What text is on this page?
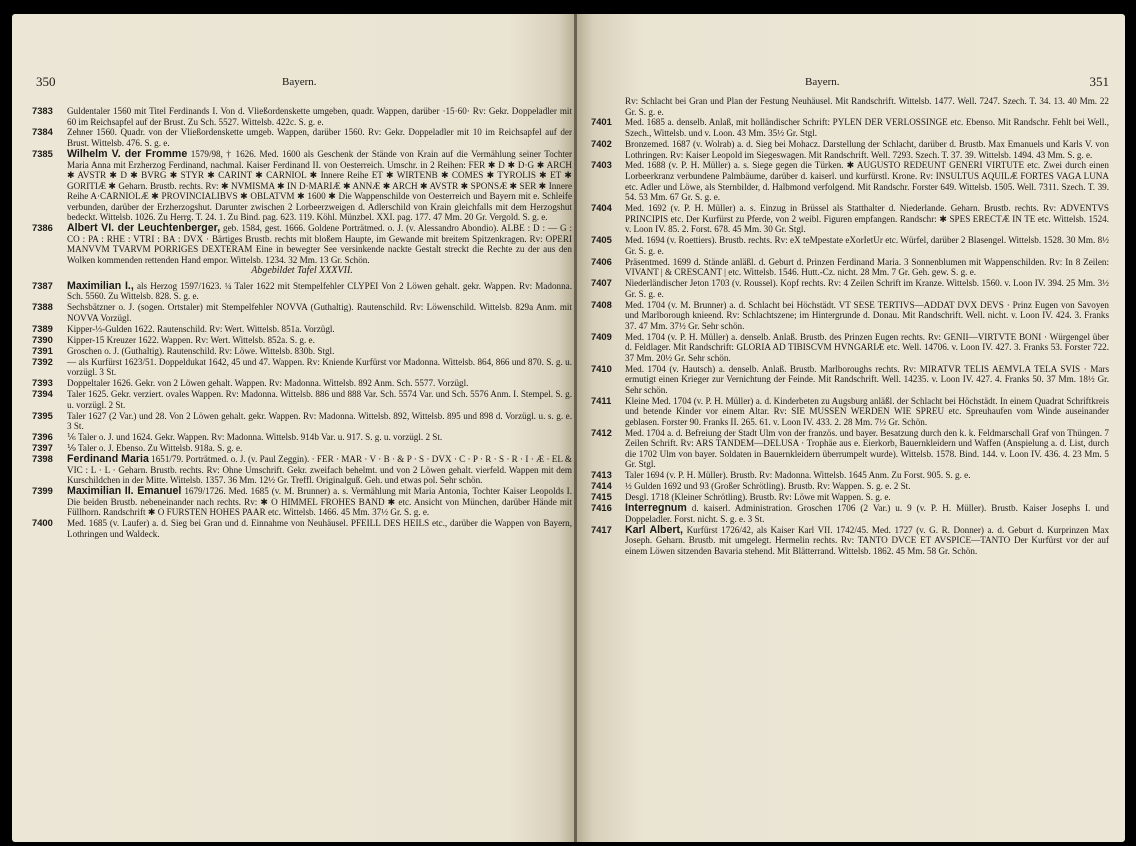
350	Bayern.
7383	Guldentaler 1560 mit Titel Ferdinands I. Von d. Vließordenskette umgeben, quadr. Wappen, darüber ·15·60· Rv: Gekr. Doppeladler mit 60 im Reichsapfel auf der Brust. Zu Sch. 5527. Wittelsb. 422c. S. g. e.
7384	Zehner 1560. Quadr. von der Vließordenskette umgeb. Wappen, darüber 1560. Rv: Gekr. Doppeladler mit 10 im Reichsapfel auf der Brust. Wittelsb. 476. S. g. e.
7385	Wilhelm V. der Fromme 1579/98, † 1626. Med. 1600 als Geschenk der Stände von Krain auf die Vermählung seiner Tochter Maria Anna mit Erzherzog Ferdinand, nachmal. Kaiser Ferdinand II. von Oesterreich. Umschr. in 2 Reihen: FER ✱ D ✱ D·G ✱ ARCH ✱ AVSTR ✱ D ✱ BVRG ✱ STYR ✱ CARINT ✱ CARNIOL ✱ Innere Reihe ET ✱ WIRTENB ✱ COMES ✱ TYROLIS ✱ ET ✱ GORITIÆ ✱ Geharn. Brustb. rechts. Rv: ✱ NVMISMA ✱ IN D·MARIÆ ✱ ANNÆ ✱ ARCH ✱ AVSTR ✱ SPONSÆ ✱ SER ✱ Innere Reihe A·CARNIOLÆ ✱ PROVINCIALIBVS ✱ OBLATVM ✱ 1600 ✱ Die Wappenschilde von Oesterreich und Bayern mit e. Schleife verbunden, darüber der Erzherzogshut. Darunter zwischen 2 Lorbeerzweigen d. Adlerschild von Krain gleichfalls mit dem Herzogshut bedeckt. Wittelsb. 1026. Zu Herrg. T. 24. 1. Zu Bind. pag. 623. 119. Köhl. Münzbel. XXI. pag. 177. 47 Mm. 20 Gr. Vergold. S. g. e.
7386	Albert VI. der Leuchtenberger, geb. 1584, gest. 1666. Goldene Porträtmed. o. J. (v. Alessandro Abondio). ALBE : D : — G : CO : PA : RHE : VTRI : BA : DVX · Bärtiges Brustb. rechts mit bloßem Haupte, im Gewande mit breitem Spitzenkragen. Rv: OPERI MANVVM TVARVM PORRIGES DEXTERAM Eine in bewegter See versinkende nackte Gestalt streckt die Rechte zu der aus den Wolken kommenden rettenden Hand empor. Wittelsb. 1234. 32 Mm. 13 Gr. Schön.
Abgebildet Tafel XXXVII.
7387	Maximilian I., als Herzog 1597/1623. ¼ Taler 1622 mit Stempelfehler CLYPEI Von 2 Löwen gehalt. gekr. Wappen. Rv: Madonna. Sch. 5560. Zu Wittelsb. 828. S. g. e.
7388	Sechsbätzner o. J. (sogen. Ortstaler) mit Stempelfehler NOVVA (Guthaltig). Rautenschild. Rv: Löwenschild. Wittelsb. 829a Anm. mit NOVVA Vorzügl.
7389	Kipper-⅓-Gulden 1622. Rautenschild. Rv: Wert. Wittelsb. 851a. Vorzügl.
7390	Kipper-15 Kreuzer 1622. Wappen. Rv: Wert. Wittelsb. 852a. S. g. e.
7391	Groschen o. J. (Guthaltig). Rautenschild. Rv: Löwe. Wittelsb. 830b. Stgl.
7392	— als Kurfürst 1623/51. Doppeldukat 1642, 45 und 47. Wappen. Rv: Kniende Kurfürst vor Madonna. Wittelsb. 864, 866 und 870. S. g. u. vorzügl. 3 St.
7393	Doppeltaler 1626. Gekr. von 2 Löwen gehalt. Wappen. Rv: Madonna. Wittelsb. 892 Anm. Sch. 5577. Vorzügl.
7394	Taler 1625. Gekr. verziert. ovales Wappen. Rv: Madonna. Wittelsb. 886 und 888 Var. Sch. 5574 Var. und Sch. 5576 Anm. I. Stempel. S. g. u. vorzügl. 2 St.
7395	Taler 1627 (2 Var.) und 28. Von 2 Löwen gehalt. gekr. Wappen. Rv: Madonna. Wittelsb. 892, Wittelsb. 895 und 898 d. Vorzügl. u. s. g. e. 3 St.
7396	⅙ Taler o. J. und 1624. Gekr. Wappen. Rv: Madonna. Wittelsb. 914b Var. u. 917. S. g. u. vorzügl. 2 St.
7397	⅑ Taler o. J. Ebenso. Zu Wittelsb. 918a. S. g. e.
7398	Ferdinand Maria 1651/79. Porträtmed. o. J. (v. Paul Zeggin). · FER · MAR · V · B · & P · S · DVX · C · P · R · S · R · I · Æ · EL & VIC : L · L · Geharn. Brustb. rechts. Rv: Ohne Umschrift. Gekr. zweifach behelmt. und von 2 Löwen gehalt. vierfeld. Wappen mit dem Kurschildchen in der Mitte. Wittelsb. 1357. 36 Mm. 12½ Gr. Treffl. Originalguß. Geh. und etwas pol. Sehr schön.
7399	Maximilian II. Emanuel 1679/1726. Med. 1685 (v. M. Brunner) a. s. Vermählung mit Maria Antonia, Tochter Kaiser Leopolds I. Die beiden Brustb. nebeneinander nach rechts. Rv: ✱ O HIMMEL FROHES BAND ✱ etc. Ansicht von München, darüber Hände mit Füllhorn. Randschrift ✱ O FURSTEN HOHES PAAR etc. Wittelsb. 1466. 45 Mm. 37½ Gr. S. g. e.
7400	Med. 1685 (v. Laufer) a. d. Sieg bei Gran und d. Einnahme von Neuhäusel. PFEILL DES HEILS etc., darüber die Wappen von Bayern, Lothringen und Waldeck.
Bayern.	351
Rv: Schlacht bei Gran und Plan der Festung Neuhäusel. Mit Randschrift. Wittelsb. 1477. Well. 7247. Szech. T. 34. 13. 40 Mm. 22 Gr. S. g. e.
7401	Med. 1685 a. denselb. Anlaß, mit holländischer Schrift: PYLEN DER VERLOSSINGE etc. Ebenso. Mit Randschr. Fehlt bei Well., Szech., Wittelsb. und v. Loon. 43 Mm. 35½ Gr. Stgl.
7402	Bronzemed. 1687 (v. Wolrab) a. d. Sieg bei Mohacz. Darstellung der Schlacht, darüber d. Brustb. Max Emanuels und Karls V. von Lothringen. Rv: Kaiser Leopold im Siegeswagen. Mit Randschrift. Well. 7293. Szech. T. 37. 39. Wittelsb. 1494. 43 Mm. S. g. e.
7403	Med. 1688 (v. P. H. Müller) a. s. Siege gegen die Türken. ✱ AUGUSTO REDEUNT GENERI VIRTUTE etc. Zwei durch einen Lorbeerkranz verbundene Palmbäume, darüber d. kaiserl. und kurfürstl. Krone. Rv: INSULTUS AQUILÆ FORTES VAGA LUNA etc. Adler und Löwe, als Sternbilder, d. Halbmond verfolgend. Mit Randschr. Forster 649. Wittelsb. 1505. Well. 7311. Szech. T. 39. 54. 53 Mm. 67 Gr. S. g. e.
7404	Med. 1692 (v. P. H. Müller) a. s. Einzug in Brüssel als Statthalter d. Niederlande. Geharn. Brustb. rechts. Rv: ADVENTVS PRINCIPIS etc. Der Kurfürst zu Pferde, von 2 weibl. Figuren empfangen. Randschr: ✱ SPES ERECTÆ IN TE etc. Wittelsb. 1524. v. Loon IV. 85. 2. Forst. 678. 45 Mm. 30 Gr. Stgl.
7405	Med. 1694 (v. Roettiers). Brustb. rechts. Rv: eX teMpestate eXorIetUr etc. Würfel, darüber 2 Blasengel. Wittelsb. 1528. 30 Mm. 8½ Gr. S. g. e.
7406	Präsentmed. 1699 d. Stände anläßl. d. Geburt d. Prinzen Ferdinand Maria. 3 Sonnenblumen mit Wappenschilden. Rv: In 8 Zeilen: VIVANT | & CRESCANT | etc. Wittelsb. 1546. Hutt.-Cz. nicht. 28 Mm. 7 Gr. Geh. gew. S. g. e.
7407	Niederländischer Jeton 1703 (v. Roussel). Kopf rechts. Rv: 4 Zeilen Schrift im Kranze. Wittelsb. 1560. v. Loon IV. 394. 25 Mm. 3½ Gr. S. g. e.
7408	Med. 1704 (v. M. Brunner) a. d. Schlacht bei Höchstädt. VT SESE TERTIVS—ADDAT DVX DEVS · Prinz Eugen von Savoyen und Marlborough knieend. Rv: Schlachtszene; im Hintergrunde d. Donau. Mit Randschrift. Well. nicht. v. Loon IV. 424. 3. Franks 37. 47 Mm. 37½ Gr. Sehr schön.
7409	Med. 1704 (v. P. H. Müller) a. denselb. Anlaß. Brustb. des Prinzen Eugen rechts. Rv: GENII—VIRTVTE BONI · Würgengel über d. Feldlager. Mit Randschrift: GLORIA AD TIBISCVM HVNGARIÆ etc. Well. 14706. v. Loon IV. 427. 3. Franks 53. Forster 722. 37 Mm. 20½ Gr. Sehr schön.
7410	Med. 1704 (v. Hautsch) a. denselb. Anlaß. Brustb. Marlboroughs rechts. Rv: MIRATVR TELIS AEMVLA TELA SVIS · Mars ermutigt einen Krieger zur Vernichtung der Feinde. Mit Randschrift. Well. 14235. v. Loon IV. 427. 4. Franks 50. 37 Mm. 18½ Gr. Sehr schön.
7411	Kleine Med. 1704 (v. P. H. Müller) a. d. Kinderbeten zu Augsburg anläßl. der Schlacht bei Höchstädt. In einem Quadrat Schriftkreis und betende Kinder vor einem Altar. Rv: SIE MUSSEN WERDEN WIE SPREU etc. Spreuhaufen vom Winde auseinander geblasen. Forster 90. Franks II. 265. 61. v. Loon IV. 433. 2. 28 Mm. 7½ Gr. Schön.
7412	Med. 1704 a. d. Befreiung der Stadt Ulm von der französ. und bayer. Besatzung durch den k. k. Feldmarschall Graf von Thüngen. 7 Zeilen Schrift. Rv: ARS TANDEM—DELUSA · Trophäe aus e. Eierkorb, Bauernkleidern und Waffen (Anspielung a. d. List, durch die 1702 Ulm von bayer. Soldaten in Bauernkleidern überrumpelt wurde). Wittelsb. 1578. Bind. 144. v. Loon IV. 436. 4. 23 Mm. 5 Gr. Stgl.
7413	Taler 1694 (v. P. H. Müller). Brustb. Rv: Madonna. Wittelsb. 1645 Anm. Zu Forst. 905. S. g. e.
7414	½ Gulden 1692 und 93 (Großer Schrötling). Brustb. Rv: Wappen. S. g. e. 2 St.
7415	Desgl. 1718 (Kleiner Schrötling). Brustb. Rv: Löwe mit Wappen. S. g. e.
7416	Interregnum d. kaiserl. Administration. Groschen 1706 (2 Var.) u. 9 (v. P. H. Müller). Brustb. Kaiser Josephs I. und Doppeladler. Forst. nicht. S. g. e. 3 St.
7417	Karl Albert, Kurfürst 1726/42, als Kaiser Karl VII. 1742/45. Med. 1727 (v. G. R. Donner) a. d. Geburt d. Kurprinzen Max Joseph. Geharn. Brustb. mit umgelegt. Hermelin rechts. Rv: TANTO DVCE ET AVSPICE—TANTO Der Kurfürst vor der auf einem Löwen sitzenden Bavaria stehend. Mit Blätterrand. Wittelsb. 1862. 45 Mm. 58 Gr. Schön.
